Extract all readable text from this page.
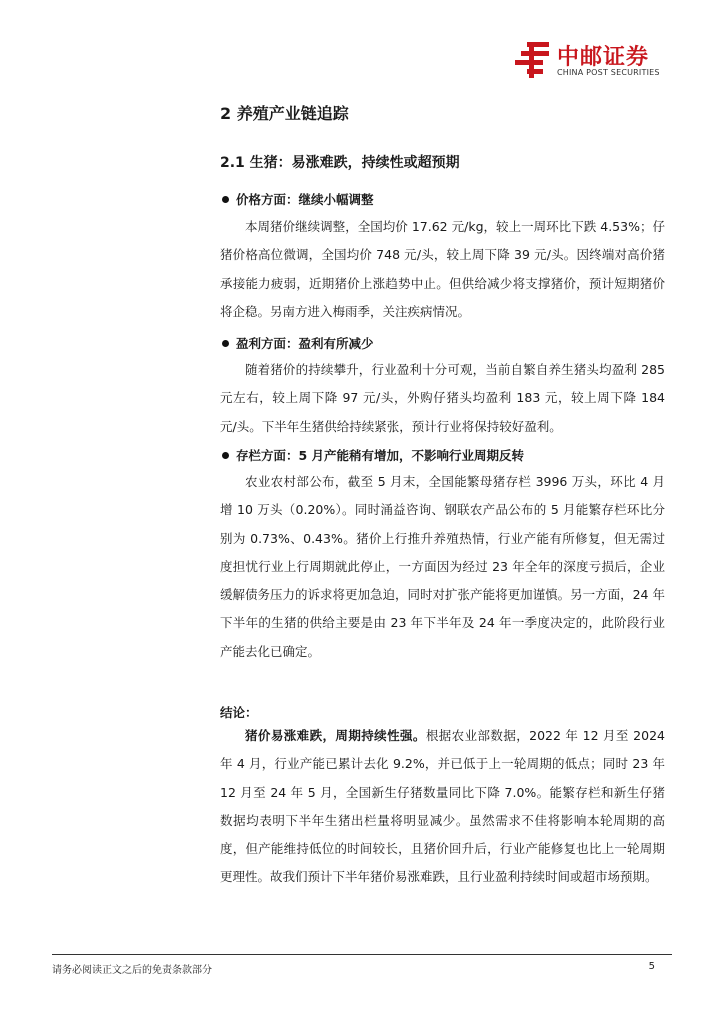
中邮证券
CHINA POST SECURITIES
2 养殖产业链追踪
2.1 生猪：易涨难跌，持续性或超预期
价格方面：继续小幅调整

本周猪价继续调整，全国均价 17.62 元/kg，较上一周环比下跌 4.53%；仔猪价格高位微调，全国均价 748 元/头，较上周下降 39 元/头。因终端对高价猪承接能力疲弱，近期猪价上涨趋势中止。但供给减少将支撑猪价，预计短期猪价将企稳。另南方进入梅雨季，关注疾病情况。

盈利方面：盈利有所减少

随着猪价的持续攀升，行业盈利十分可观，当前自繁自养生猪头均盈利 285 元左右，较上周下降 97 元/头，外购仔猪头均盈利 183 元，较上周下降 184 元/头。下半年生猪供给持续紧张，预计行业将保持较好盈利。

存栏方面：5 月产能稍有增加，不影响行业周期反转

农业农村部公布，截至 5 月末，全国能繁母猪存栏 3996 万头，环比 4 月增 10 万头（0.20%）。同时涌益咨询、钢联农产品公布的 5 月能繁存栏环比分别为 0.73%、0.43%。猪价上行推升养殖热情，行业产能有所修复，但无需过度担忧行业上行周期就此停止，一方面因为经过 23 年全年的深度亏损后，企业缓解债务压力的诉求将更加急迫，同时对扩张产能将更加谨慎。另一方面，24 年下半年的生猪的供给主要是由 23 年下半年及 24 年一季度决定的，此阶段行业产能去化已确定。

结论：

猪价易涨难跌，周期持续性强。根据农业部数据，2022 年 12 月至 2024 年 4 月，行业产能已累计去化 9.2%，并已低于上一轮周期的低点；同时 23 年 12 月至 24 年 5 月，全国新生仔猪数量同比下降 7.0%。能繁存栏和新生仔猪数据均表明下半年生猪出栏量将明显减少。虽然需求不佳将影响本轮周期的高度，但产能维持低位的时间较长，且猪价回升后，行业产能修复也比上一轮周期更理性。故我们预计下半年猪价易涨难跌，且行业盈利持续时间或超市场预期。

请务必阅读正文之后的免责条款部分	5
